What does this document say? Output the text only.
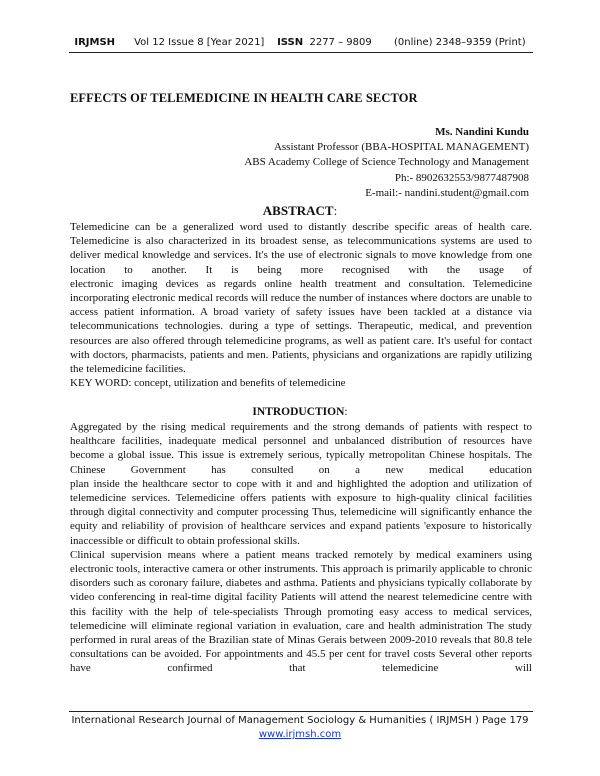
IRJMSH Vol 12 Issue 8 [Year 2021] ISSN 2277 – 9809 (0nline) 2348–9359 (Print)
EFFECTS OF TELEMEDICINE IN HEALTH CARE SECTOR
Ms. Nandini Kundu
Assistant Professor (BBA-HOSPITAL MANAGEMENT)
ABS Academy College of Science Technology and Management
Ph:- 8902632553/9877487908
E-mail:- nandini.student@gmail.com
ABSTRACT:

Telemedicine can be a generalized word used to distantly describe specific areas of health care. Telemedicine is also characterized in its broadest sense, as telecommunications systems are used to deliver medical knowledge and services. It's the use of electronic signals to move knowledge from one location to another. It is being more recognised with the usage of

electronic imaging devices as regards online health treatment and consultation. Telemedicine incorporating electronic medical records will reduce the number of instances where doctors are unable to access patient information. A broad variety of safety issues have been tackled at a distance via telecommunications technologies. during a type of settings. Therapeutic, medical, and prevention resources are also offered through telemedicine programs, as well as patient care. It's useful for contact with doctors, pharmacists, patients and men. Patients, physicians and organizations are rapidly utilizing the telemedicine facilities.

KEY WORD: concept, utilization and benefits of telemedicine

INTRODUCTION:

Aggregated by the rising medical requirements and the strong demands of patients with respect to healthcare facilities, inadequate medical personnel and unbalanced distribution of resources have become a global issue. This issue is extremely serious, typically metropolitan Chinese hospitals. The Chinese Government has consulted on a new medical education

plan inside the healthcare sector to cope with it and and highlighted the adoption and utilization of telemedicine services. Telemedicine offers patients with exposure to high-quality clinical facilities through digital connectivity and computer processing Thus, telemedicine will significantly enhance the equity and reliability of provision of healthcare services and expand patients 'exposure to historically inaccessible or difficult to obtain professional skills.

Clinical supervision means where a patient means tracked remotely by medical examiners using electronic tools, interactive camera or other instruments. This approach is primarily applicable to chronic disorders such as coronary failure, diabetes and asthma. Patients and physicians typically collaborate by video conferencing in real-time digital facility Patients will attend the nearest telemedicine centre with this facility with the help of tele-specialists Through promoting easy access to medical services, telemedicine will eliminate regional variation in evaluation, care and health administration The study performed in rural areas of the Brazilian state of Minas Gerais between 2009-2010 reveals that 80.8 tele consultations can be avoided. For appointments and 45.5 per cent for travel costs Several other reports have confirmed that telemedicine will

International Research Journal of Management Sociology & Humanities ( IRJMSH ) Page 179
www.irjmsh.com
